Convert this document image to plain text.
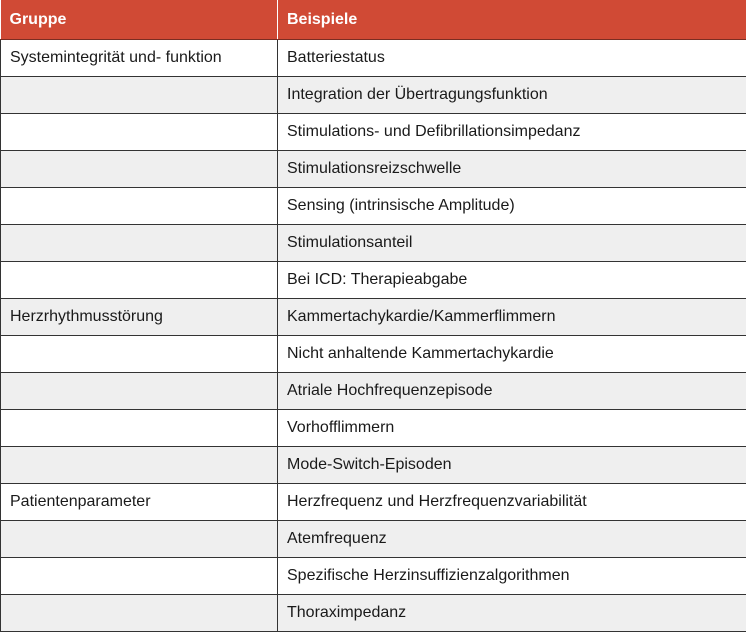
Gruppe	Beispiele
Systemintegrität und- funktion	Batteriestatus
	Integration der Übertragungsfunktion
	Stimulations- und Defibrillationsimpedanz
	Stimulationsreizschwelle
	Sensing (intrinsische Amplitude)
	Stimulationsanteil
	Bei ICD: Therapieabgabe
Herzrhythmusstörung	Kammertachykardie/Kammerflimmern
	Nicht anhaltende Kammertachykardie
	Atriale Hochfrequenzepisode
	Vorhofflimmern
	Mode-Switch-Episoden
Patientenparameter	Herzfrequenz und Herzfrequenzvariabilität
	Atemfrequenz
	Spezifische Herzinsuffizienzalgorithmen
	Thoraximpedanz
